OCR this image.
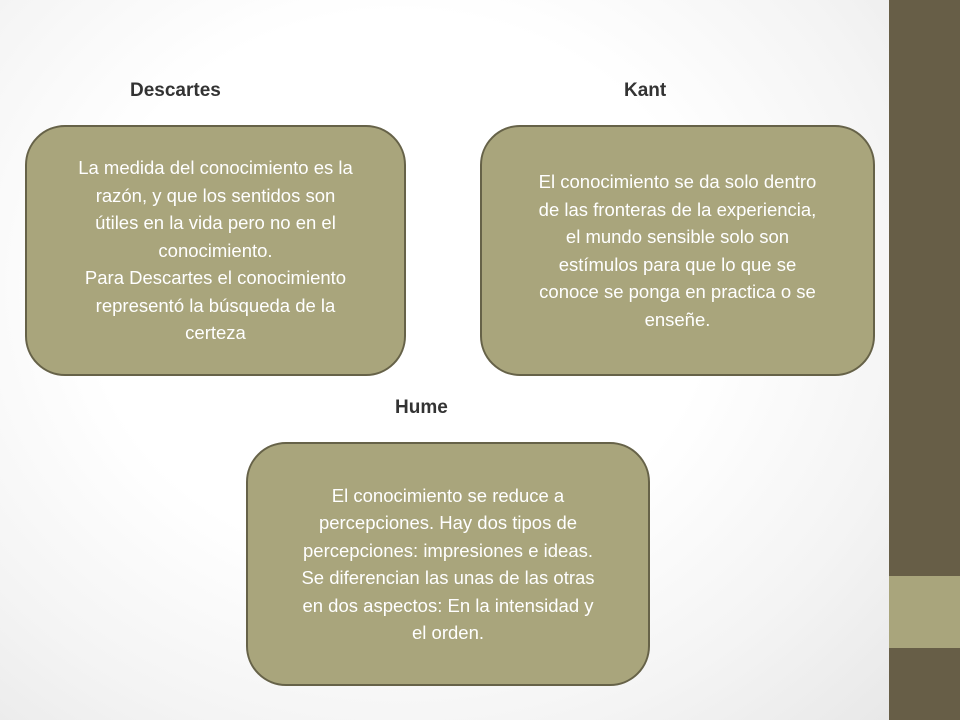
Descartes	Kant
Hume
La medida del conocimiento es la
razón, y que los sentidos son
útiles en la vida pero no en el
conocimiento.
Para Descartes el conocimiento
representó la búsqueda de la
certeza
El conocimiento se da solo dentro
de las fronteras de la experiencia,
el mundo sensible solo son
estímulos para que lo que se
conoce se ponga en practica o se
enseñe.
El conocimiento se reduce a
percepciones. Hay dos tipos de
percepciones: impresiones e ideas.
Se diferencian las unas de las otras
en dos aspectos: En la intensidad y
el orden.
